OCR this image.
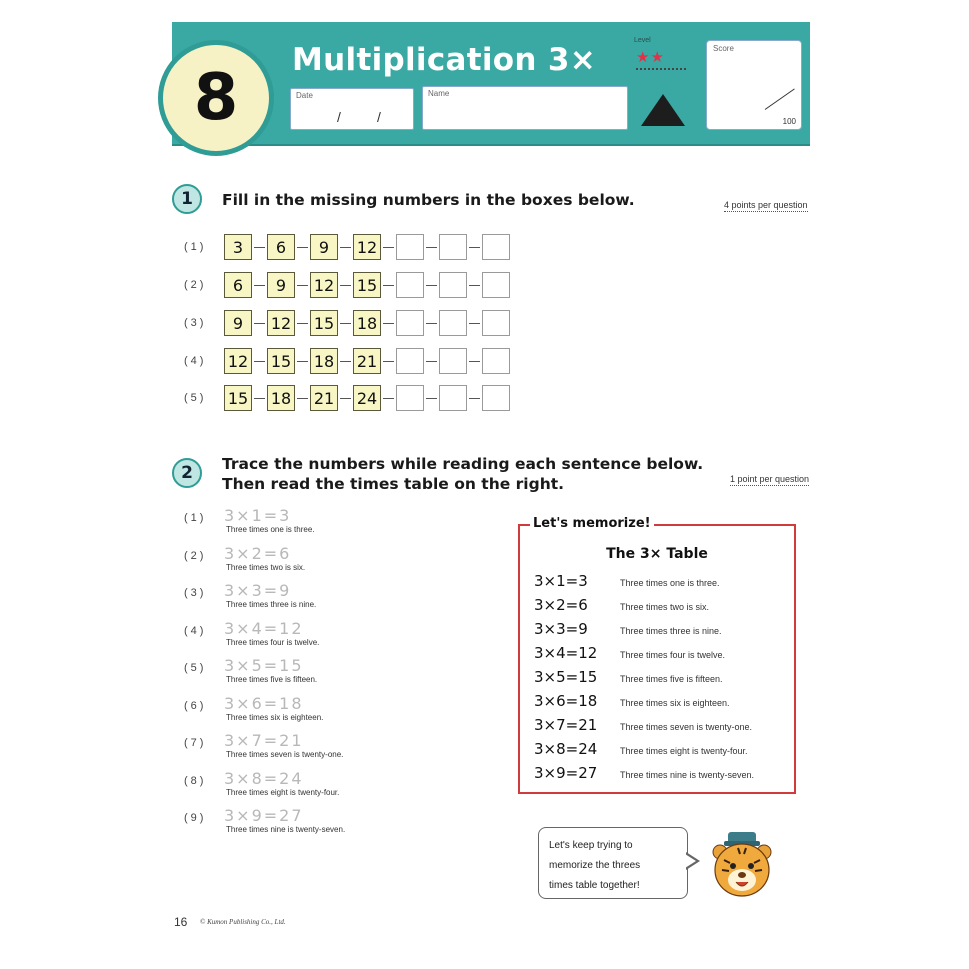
8
Multiplication 3×
Date
/	/
Name
Level
★★	Score
100
1	Fill in the missing numbers in the boxes below.	4 points per question
(1)	3	6	9	12
(2)	6	9	12 15
(3)	9	12 15 18
(4)	12 15 18 21
(5)	15 18 21 24
2	Trace the numbers while reading each sentence below.
Then read the times table on the right.	1 point per question
(1)	3×1=3
Three times one is three.
(2)	3×2=6
Three times two is six.
(3)	3×3=9
Three times three is nine.
(4)	3×4=12
Three times four is twelve.
(5)	3×5=15
Three times five is fifteen.
(6)	3×6=18
Three times six is eighteen.
(7)	3×7=21
Three times seven is twenty-one.
(8)	3×8=24
Three times eight is twenty-four.
(9)	3×9=27
Three times nine is twenty-seven.
Let's memorize!
The 3× Table
3×1=3	Three times one is three.
3×2=6	Three times two is six.
3×3=9	Three times three is nine.
3×4=12	Three times four is twelve.
3×5=15	Three times five is fifteen.
3×6=18	Three times six is eighteen.
3×7=21	Three times seven is twenty-one.
3×8=24	Three times eight is twenty-four.
3×9=27	Three times nine is twenty-seven.
Let's keep trying to
memorize the threes
times table together!
16 © Kumon Publishing Co., Ltd.
